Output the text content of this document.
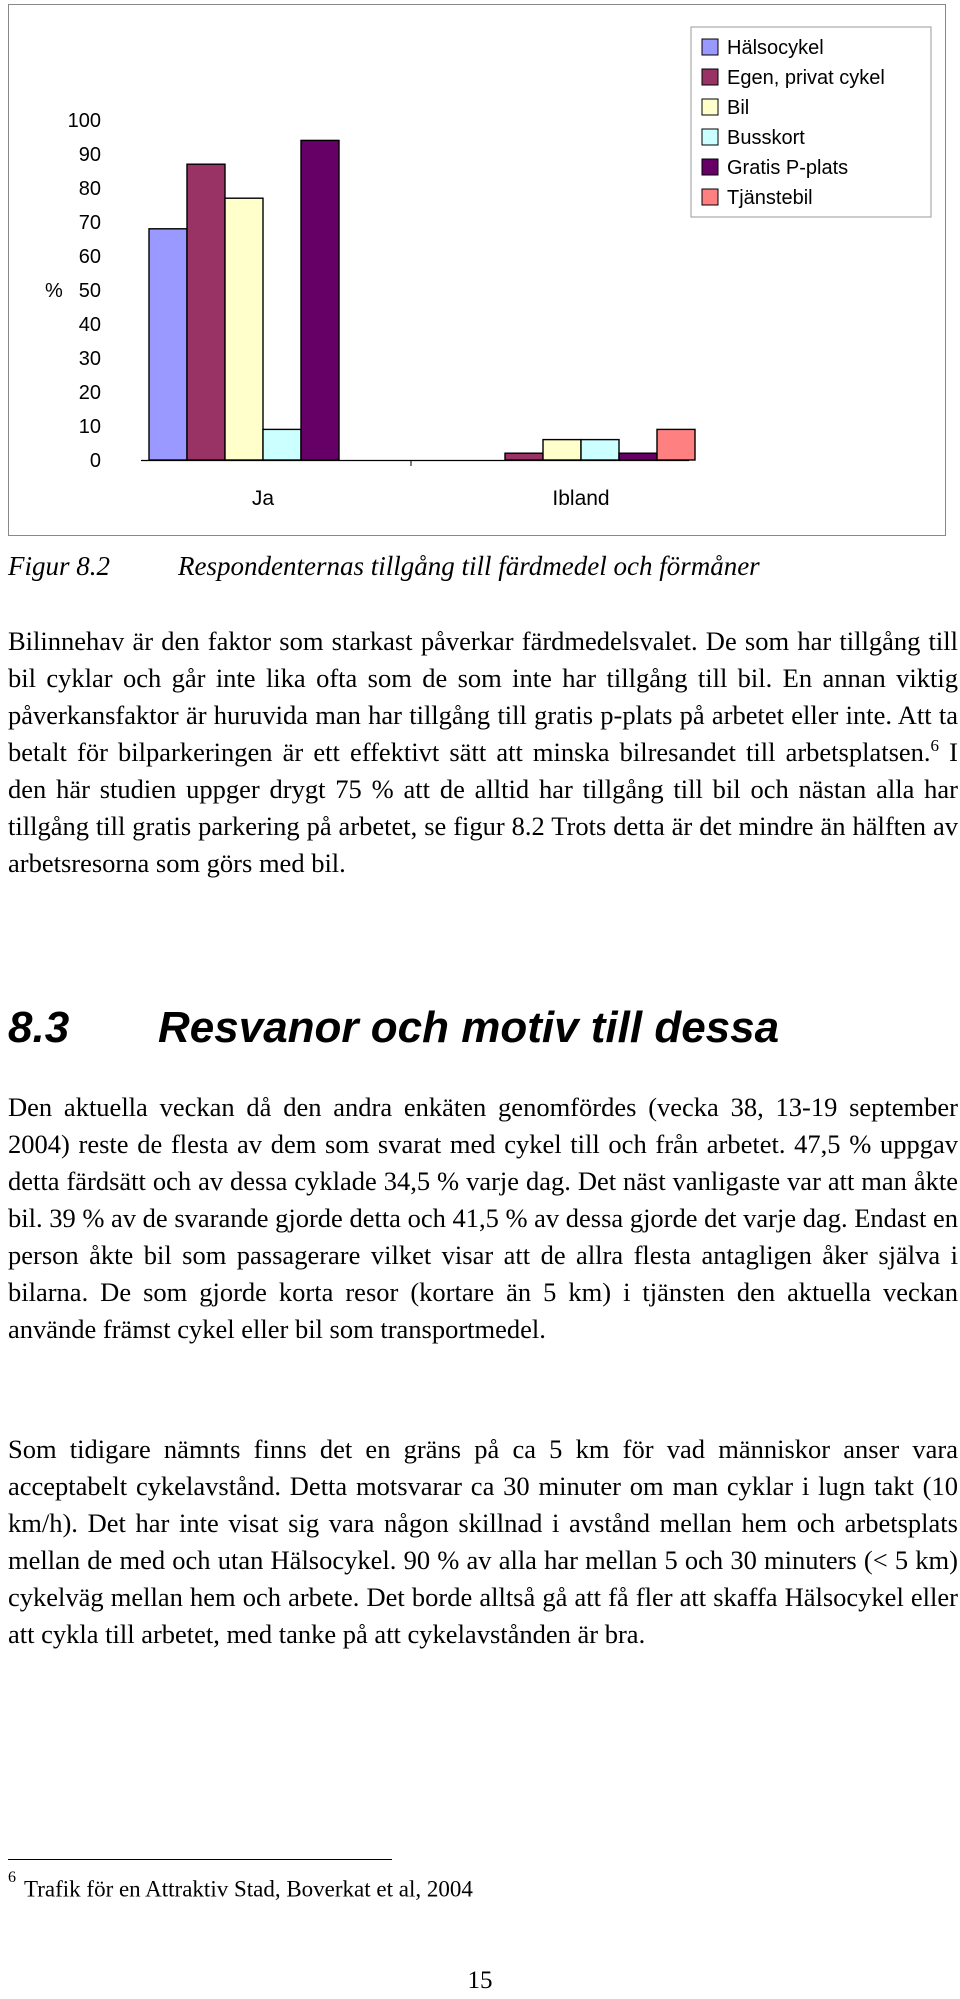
0
10
20
30
40
50
60
70
80
90
100
%
Ja	Ibland
Hälsocykel
Egen, privat cykel
Bil
Busskort
Gratis P-plats
Tjänstebil
Figur 8.2	Respondenternas tillgång till färdmedel och förmåner
Bilinnehav är den faktor som starkast påverkar färdmedelsvalet. De som har tillgång till bil cyklar och går inte lika ofta som de som inte har tillgång till bil. En annan viktig påverkansfaktor är huruvida man har tillgång till gratis p-plats på arbetet eller inte. Att ta betalt för bilparkeringen är ett effektivt sätt att minska bilresandet till arbetsplatsen.$^6$ I den här studien uppger drygt 75 % att de alltid har tillgång till bil och nästan alla har tillgång till gratis parkering på arbetet, se figur 8.2 Trots detta är det mindre än hälften av arbetsresorna som görs med bil.
8.3 Resvanor och motiv till dessa
Den aktuella veckan då den andra enkäten genomfördes (vecka 38, 13-19 september 2004) reste de flesta av dem som svarat med cykel till och från arbetet. 47,5 % uppgav detta färdsätt och av dessa cyklade 34,5 % varje dag. Det näst vanligaste var att man åkte bil. 39 % av de svarande gjorde detta och 41,5 % av dessa gjorde det varje dag. Endast en person åkte bil som passagerare vilket visar att de allra flesta antagligen åker själva i bilarna. De som gjorde korta resor (kortare än 5 km) i tjänsten den aktuella veckan använde främst cykel eller bil som transportmedel.
Som tidigare nämnts finns det en gräns på ca 5 km för vad människor anser vara acceptabelt cykelavstånd. Detta motsvarar ca 30 minuter om man cyklar i lugn takt (10 km/h). Det har inte visat sig vara någon skillnad i avstånd mellan hem och arbetsplats mellan de med och utan Hälsocykel. 90 % av alla har mellan 5 och 30 minuters (< 5 km) cykelväg mellan hem och arbete. Det borde alltså gå att få fler att skaffa Hälsocykel eller att cykla till arbetet, med tanke på att cykelavstånden är bra.
$^6$ Trafik för en Attraktiv Stad, Boverkat et al, 2004
15
